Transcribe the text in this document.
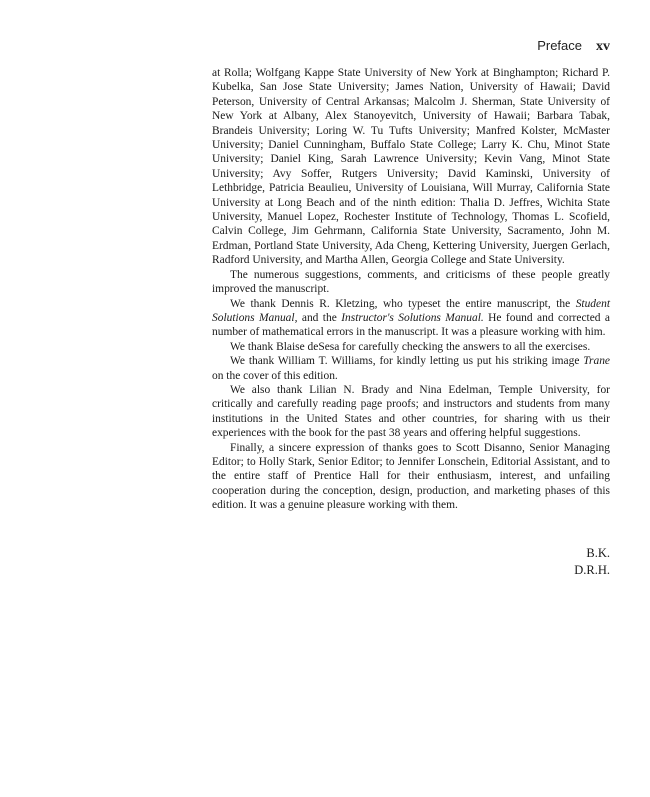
Preface xv

at Rolla; Wolfgang Kappe State University of New York at Binghampton; Richard P. Kubelka, San Jose State University; James Nation, University of Hawaii; David Peterson, University of Central Arkansas; Malcolm J. Sherman, State University of New York at Albany, Alex Stanoyevitch, University of Hawaii; Barbara Tabak, Brandeis University; Loring W. Tu Tufts University; Manfred Kolster, McMaster University; Daniel Cunningham, Buffalo State College; Larry K. Chu, Minot State University; Daniel King, Sarah Lawrence University; Kevin Vang, Minot State University; Avy Soffer, Rutgers University; David Kaminski, University of Lethbridge, Patricia Beaulieu, University of Louisiana, Will Murray, California State University at Long Beach and of the ninth edition: Thalia D. Jeffres, Wichita State University, Manuel Lopez, Rochester Institute of Technology, Thomas L. Scofield, Calvin College, Jim Gehrmann, California State University, Sacramento, John M. Erdman, Portland State University, Ada Cheng, Kettering University, Juergen Gerlach, Radford University, and Martha Allen, Georgia College and State University.

The numerous suggestions, comments, and criticisms of these people greatly improved the manuscript.

We thank Dennis R. Kletzing, who typeset the entire manuscript, the Student Solutions Manual, and the Instructor's Solutions Manual. He found and corrected a number of mathematical errors in the manuscript. It was a pleasure working with him.

We thank Blaise deSesa for carefully checking the answers to all the exercises.

We thank William T. Williams, for kindly letting us put his striking image Trane on the cover of this edition.

We also thank Lilian N. Brady and Nina Edelman, Temple University, for critically and carefully reading page proofs; and instructors and students from many institutions in the United States and other countries, for sharing with us their experiences with the book for the past 38 years and offering helpful suggestions.

Finally, a sincere expression of thanks goes to Scott Disanno, Senior Managing Editor; to Holly Stark, Senior Editor; to Jennifer Lonschein, Editorial Assistant, and to the entire staff of Prentice Hall for their enthusiasm, interest, and unfailing cooperation during the conception, design, production, and marketing phases of this edition. It was a genuine pleasure working with them.

B.K.
D.R.H.
